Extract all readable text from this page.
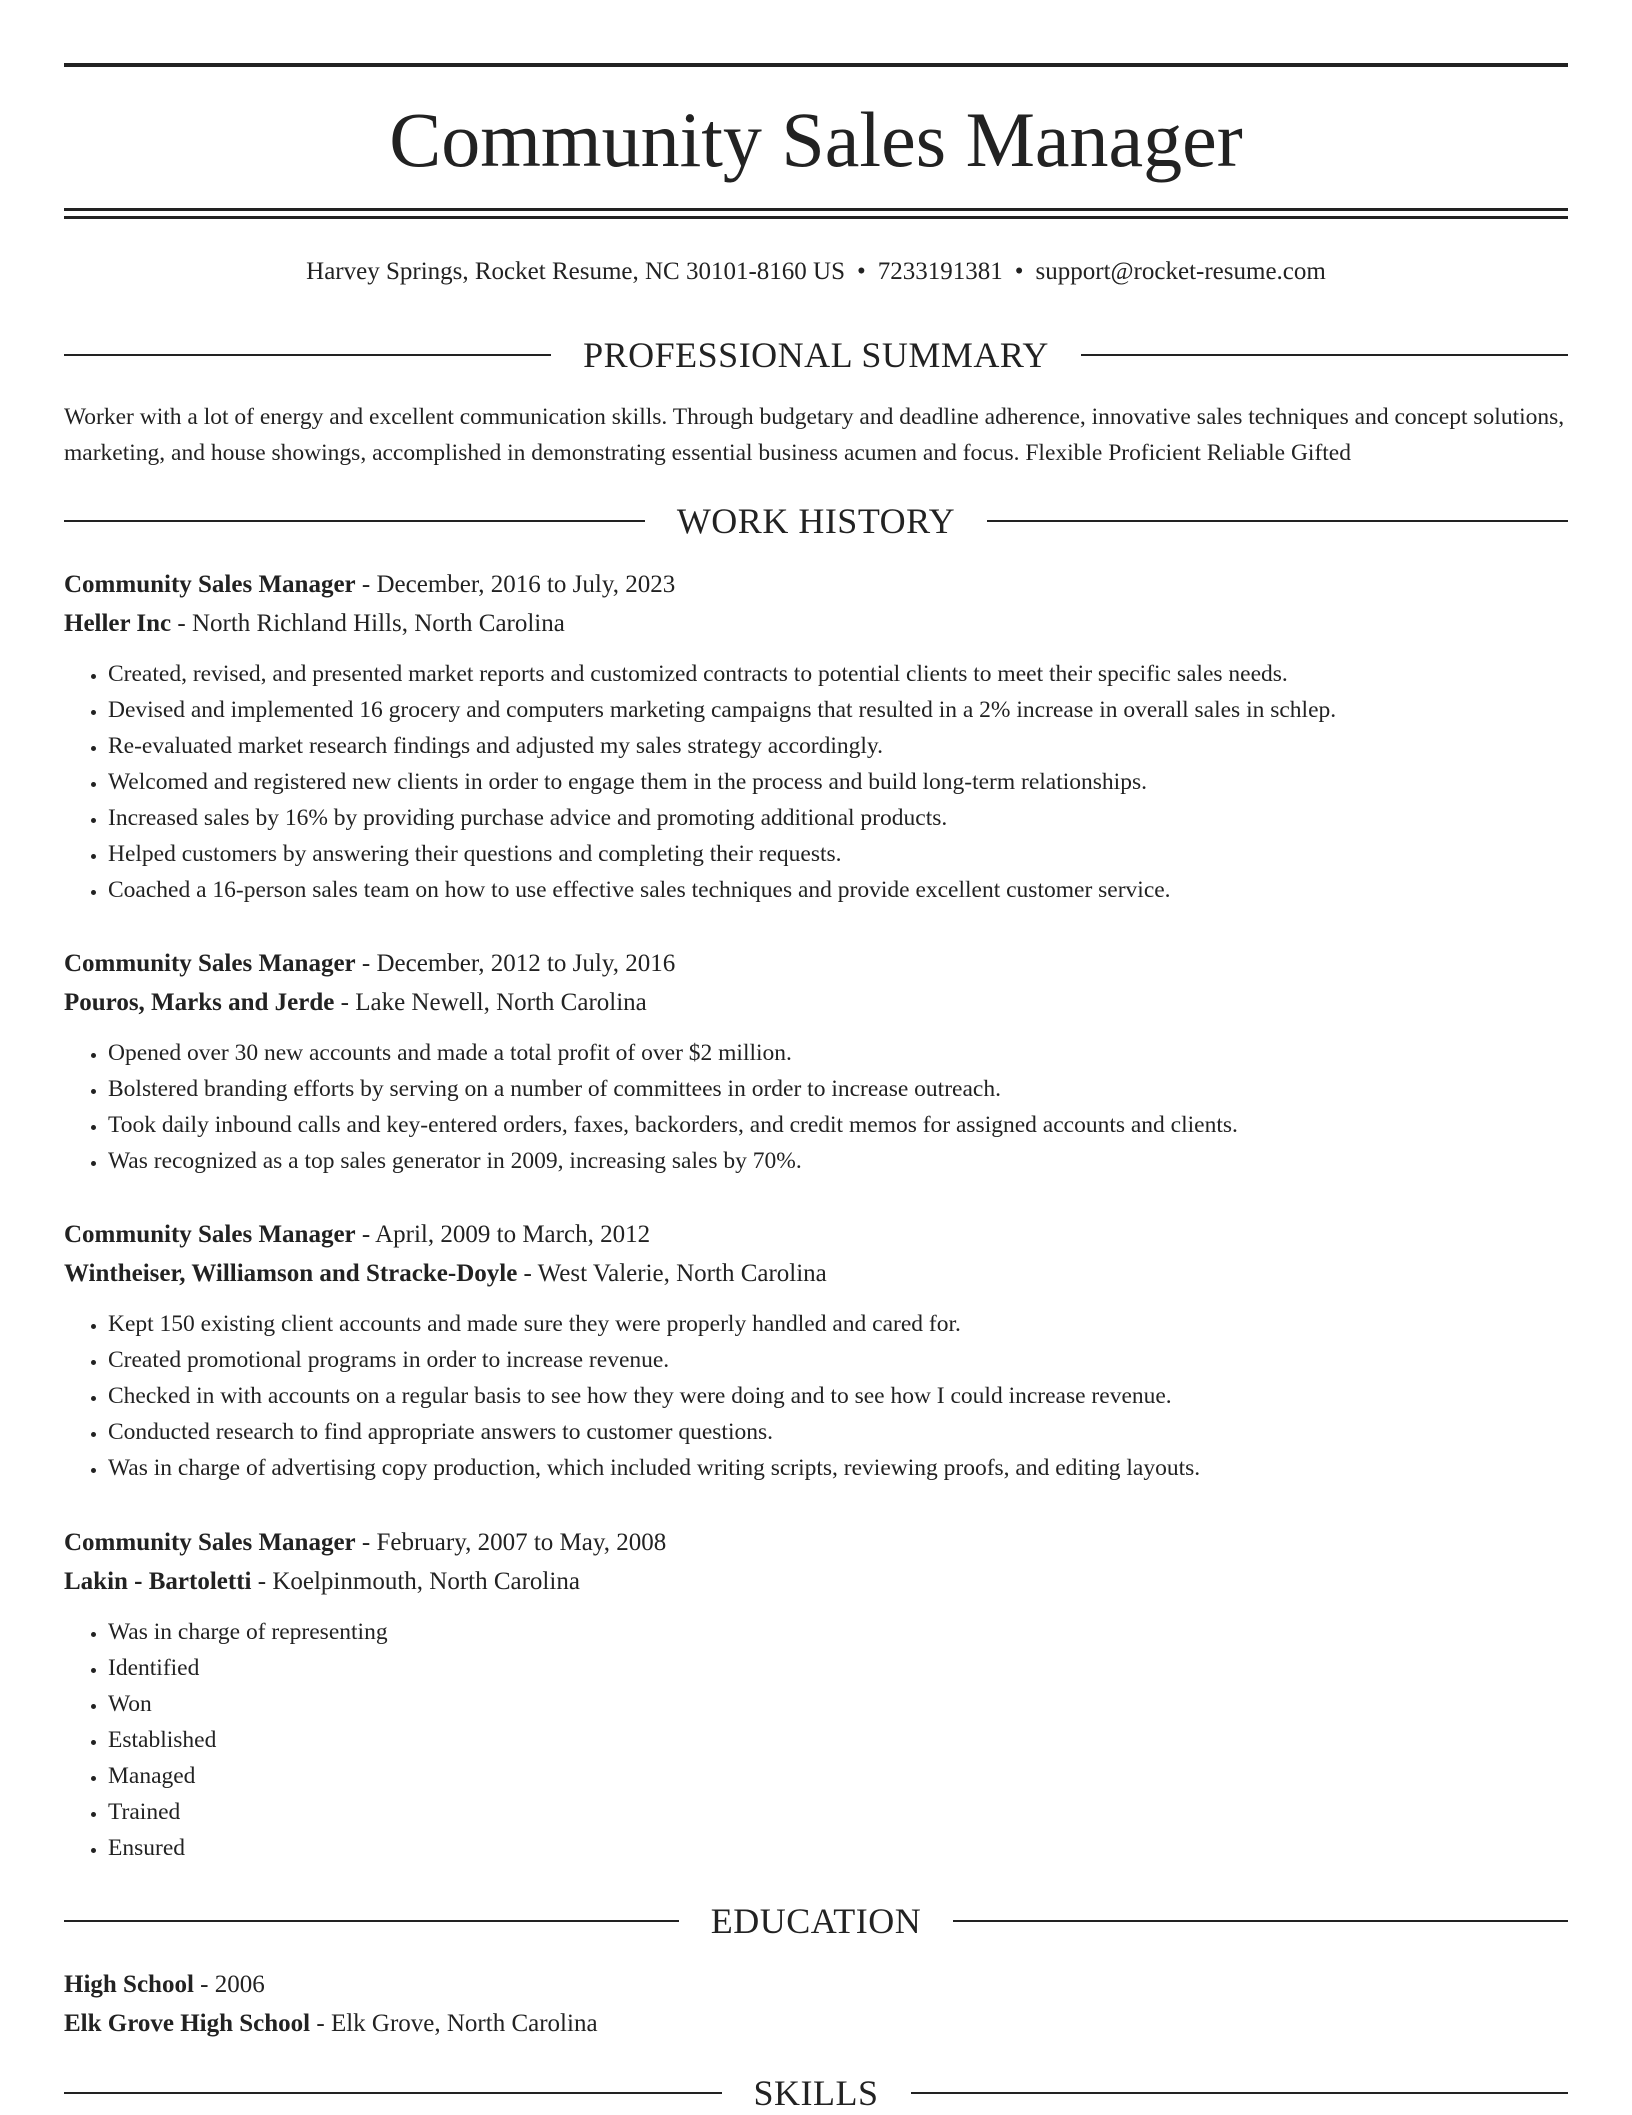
Community Sales Manager
Harvey Springs, Rocket Resume, NC 30101-8160 US • 7233191381 • support@rocket-resume.com
PROFESSIONAL SUMMARY
Worker with a lot of energy and excellent communication skills. Through budgetary and deadline adherence, innovative sales techniques and concept solutions, marketing, and house showings, accomplished in demonstrating essential business acumen and focus. Flexible Proficient Reliable Gifted
WORK HISTORY
Community Sales Manager - December, 2016 to July, 2023
Heller Inc - North Richland Hills, North Carolina
• Created, revised, and presented market reports and customized contracts to potential clients to meet their specific sales needs.
• Devised and implemented 16 grocery and computers marketing campaigns that resulted in a 2% increase in overall sales in schlep.
• Re-evaluated market research findings and adjusted my sales strategy accordingly.
• Welcomed and registered new clients in order to engage them in the process and build long-term relationships.
• Increased sales by 16% by providing purchase advice and promoting additional products.
• Helped customers by answering their questions and completing their requests.
• Coached a 16-person sales team on how to use effective sales techniques and provide excellent customer service.
Community Sales Manager - December, 2012 to July, 2016
Pouros, Marks and Jerde - Lake Newell, North Carolina
• Opened over 30 new accounts and made a total profit of over $2 million.
• Bolstered branding efforts by serving on a number of committees in order to increase outreach.
• Took daily inbound calls and key-entered orders, faxes, backorders, and credit memos for assigned accounts and clients.
• Was recognized as a top sales generator in 2009, increasing sales by 70%.
Community Sales Manager - April, 2009 to March, 2012
Wintheiser, Williamson and Stracke-Doyle - West Valerie, North Carolina
• Kept 150 existing client accounts and made sure they were properly handled and cared for.
• Created promotional programs in order to increase revenue.
• Checked in with accounts on a regular basis to see how they were doing and to see how I could increase revenue.
• Conducted research to find appropriate answers to customer questions.
• Was in charge of advertising copy production, which included writing scripts, reviewing proofs, and editing layouts.
Community Sales Manager - February, 2007 to May, 2008
Lakin - Bartoletti - Koelpinmouth, North Carolina
• Was in charge of representing
• Identified
• Won
• Established
• Managed
• Trained
• Ensured
EDUCATION
High School - 2006
Elk Grove High School - Elk Grove, North Carolina
SKILLS
